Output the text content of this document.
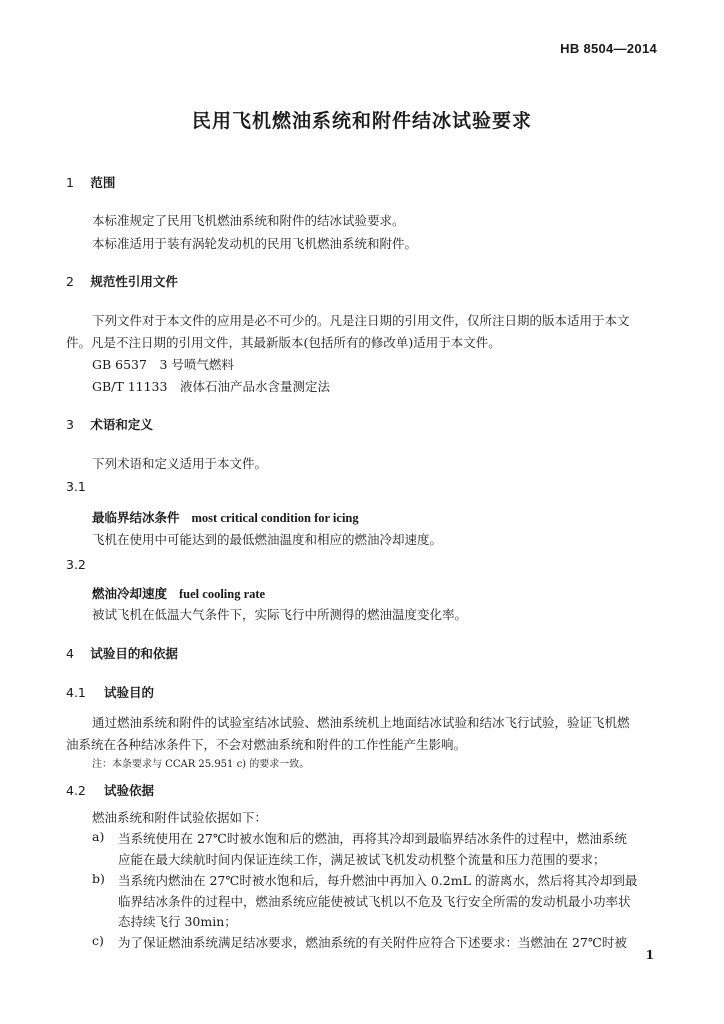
HB 8504—2014
民用飞机燃油系统和附件结冰试验要求
1 范围
本标准规定了民用飞机燃油系统和附件的结冰试验要求。
本标准适用于装有涡轮发动机的民用飞机燃油系统和附件。
2 规范性引用文件
下列文件对于本文件的应用是必不可少的。凡是注日期的引用文件，仅所注日期的版本适用于本文
件。凡是不注日期的引用文件，其最新版本(包括所有的修改单)适用于本文件。
GB 6537　3 号喷气燃料
GB/T 11133　液体石油产品水含量测定法
3 术语和定义
下列术语和定义适用于本文件。
3.1
最临界结冰条件 most critical condition for icing
飞机在使用中可能达到的最低燃油温度和相应的燃油冷却速度。
3.2
燃油冷却速度 fuel cooling rate
被试飞机在低温大气条件下，实际飞行中所测得的燃油温度变化率。
4 试验目的和依据
4.1 试验目的
通过燃油系统和附件的试验室结冰试验、燃油系统机上地面结冰试验和结冰飞行试验，验证飞机燃
油系统在各种结冰条件下，不会对燃油系统和附件的工作性能产生影响。
注：本条要求与 CCAR 25.951 c) 的要求一致。
4.2 试验依据
燃油系统和附件试验依据如下：
a) 当系统使用在 27℃时被水饱和后的燃油，再将其冷却到最临界结冰条件的过程中，燃油系统
应能在最大续航时间内保证连续工作，满足被试飞机发动机整个流量和压力范围的要求；
b) 当系统内燃油在 27℃时被水饱和后，每升燃油中再加入 0.2mL 的游离水，然后将其冷却到最
临界结冰条件的过程中，燃油系统应能使被试飞机以不危及飞行安全所需的发动机最小功率状
态持续飞行 30min；
c) 为了保证燃油系统满足结冰要求，燃油系统的有关附件应符合下述要求：当燃油在 27℃时被
1
